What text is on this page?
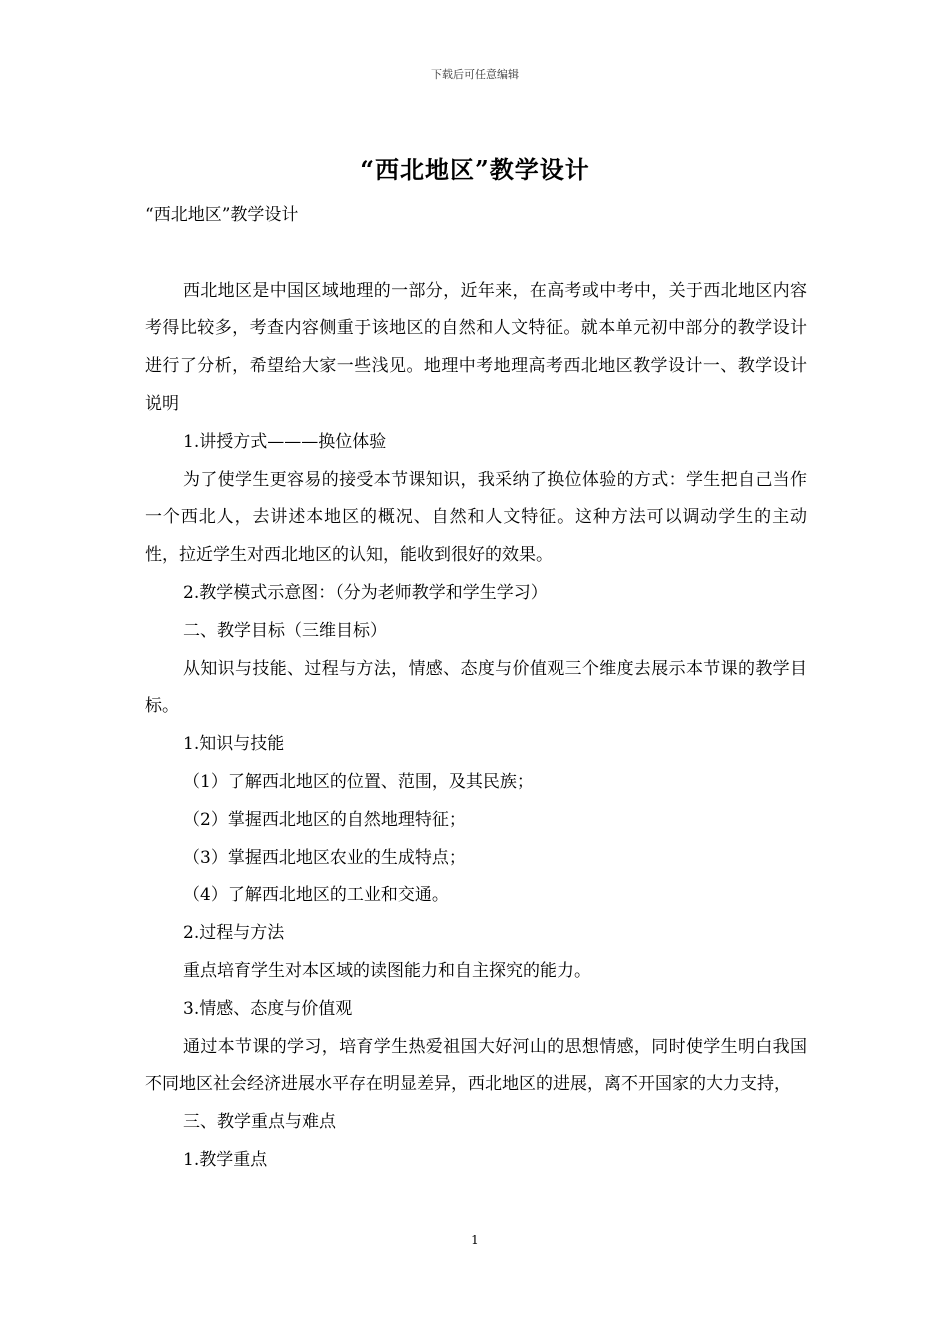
下载后可任意编辑
“西北地区”教学设计

“西北地区”教学设计

西北地区是中国区域地理的一部分，近年来，在高考或中考中，关于西北地区内容考得比较多，考查内容侧重于该地区的自然和人文特征。就本单元初中部分的教学设计进行了分析，希望给大家一些浅见。地理中考地理高考西北地区教学设计一、教学设计说明

1.讲授方式———换位体验

为了使学生更容易的接受本节课知识，我采纳了换位体验的方式：学生把自己当作一个西北人，去讲述本地区的概况、自然和人文特征。这种方法可以调动学生的主动性，拉近学生对西北地区的认知，能收到很好的效果。

2.教学模式示意图：（分为老师教学和学生学习）

二、教学目标（三维目标）

从知识与技能、过程与方法，情感、态度与价值观三个维度去展示本节课的教学目标。

1.知识与技能

（1）了解西北地区的位置、范围，及其民族；

（2）掌握西北地区的自然地理特征；

（3）掌握西北地区农业的生成特点；

（4）了解西北地区的工业和交通。

2.过程与方法

重点培育学生对本区域的读图能力和自主探究的能力。

3.情感、态度与价值观

通过本节课的学习，培育学生热爱祖国大好河山的思想情感，同时使学生明白我国不同地区社会经济进展水平存在明显差异，西北地区的进展，离不开国家的大力支持，

三、教学重点与难点

1.教学重点

1
